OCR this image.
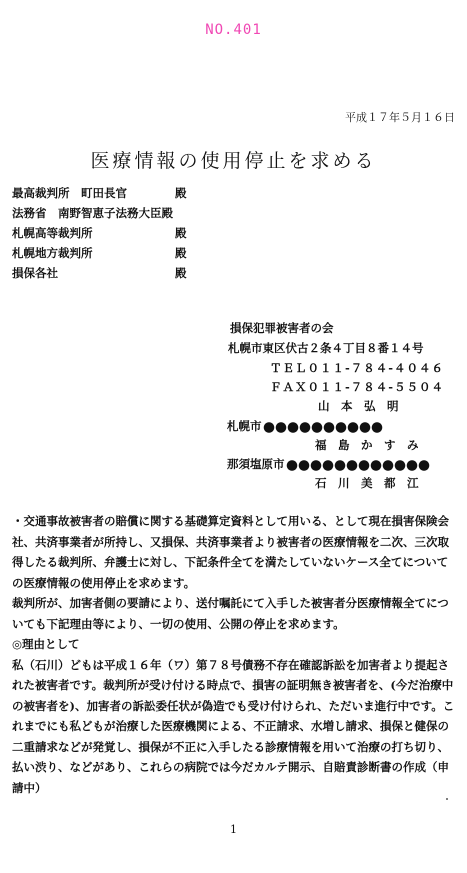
NO.401
平成１７年５月１６日
医療情報の使用停止を求める
最高裁判所　町田長官	殿
法務省　南野智恵子法務大臣殿
札幌高等裁判所	殿
札幌地方裁判所	殿
損保各社	殿
損保犯罪被害者の会
札幌市東区伏古２条４丁目８番１４号
ＴＥＬ０１１-７８４-４０４６
ＦＡＸ０１１-７８４-５５０４
山　本　弘　明
札幌市
福　島　か　す　み
那須塩原市
石　川　美　都　江

・交通事故被害者の賠償に関する基礎算定資料として用いる、として現在損害保険会社、共済事業者が所持し、又損保、共済事業者より被害者の医療情報を二次、三次取得したる裁判所、弁護士に対し、下記条件全てを満たしていないケース全てについての医療情報の使用停止を求めます。

裁判所が、加害者側の要請により、送付嘱託にて入手した被害者分医療情報全てについても下記理由等により、一切の使用、公開の停止を求めます。

◎理由として

私（石川）どもは平成１６年（ワ）第７８号債務不存在確認訴訟を加害者より提起された被害者です。裁判所が受け付ける時点で、損害の証明無き被害者を、(今だ治療中の被害者を)、加害者の訴訟委任状が偽造でも受け付けられ、ただいま進行中です。これまでにも私どもが治療した医療機関による、不正請求、水増し請求、損保と健保の二重請求などが発覚し、損保が不正に入手したる診療情報を用いて治療の打ち切り、払い渋り、などがあり、これらの病院では今だカルテ開示、自賠責診断書の作成（申請中）

1
